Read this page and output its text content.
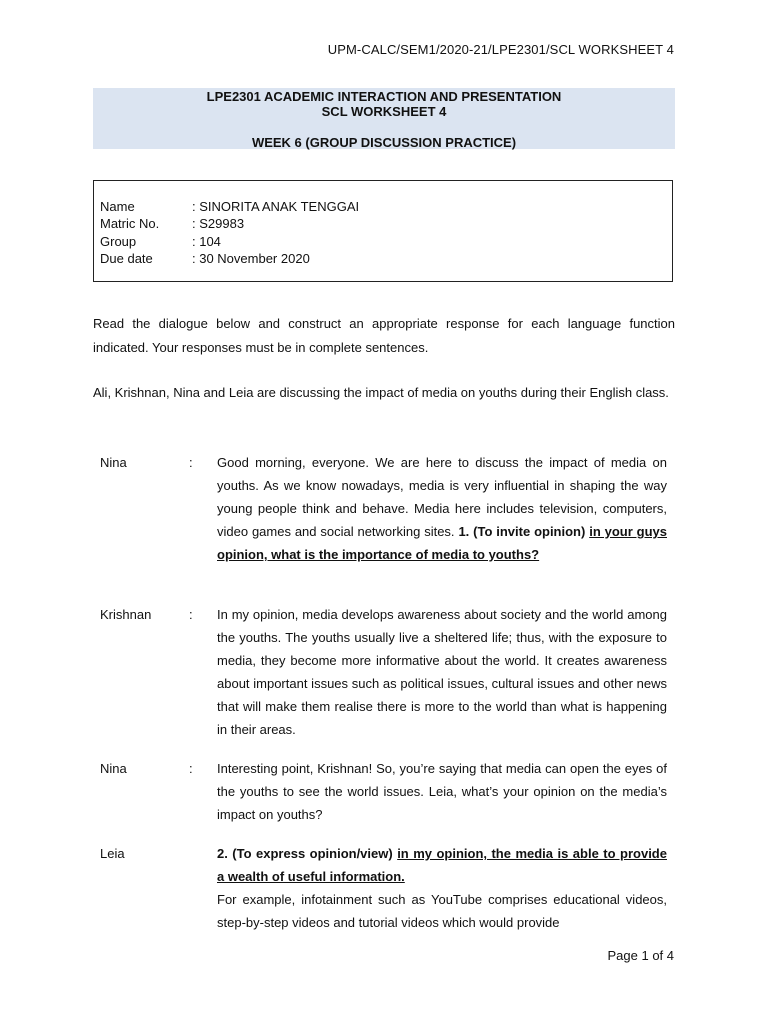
UPM-CALC/SEM1/2020-21/LPE2301/SCL WORKSHEET 4
LPE2301 ACADEMIC INTERACTION AND PRESENTATION
SCL WORKSHEET 4
WEEK 6 (GROUP DISCUSSION PRACTICE)
Name	: SINORITA ANAK TENGGAI
Matric No.	: S29983
Group	: 104
Due date	: 30 November 2020
Read the dialogue below and construct an appropriate response for each language function indicated. Your responses must be in complete sentences.
Ali, Krishnan, Nina and Leia are discussing the impact of media on youths during their English class.
Nina	: Good morning, everyone. We are here to discuss the impact of media on youths. As we know nowadays, media is very influential in shaping the way young people think and behave. Media here includes television, computers, video games and social networking sites. 1. (To invite opinion) in your guys opinion, what is the importance of media to youths?
Krishnan	: In my opinion, media develops awareness about society and the world among the youths. The youths usually live a sheltered life; thus, with the exposure to media, they become more informative about the world. It creates awareness about important issues such as political issues, cultural issues and other news that will make them realise there is more to the world than what is happening in their areas.
Nina	: Interesting point, Krishnan! So, you’re saying that media can open the eyes of the youths to see the world issues. Leia, what’s your opinion on the media’s impact on youths?
Leia	2. (To express opinion/view) in my opinion, the media is able to provide a wealth of useful information.
For example, infotainment such as YouTube comprises educational videos, step-by-step videos and tutorial videos which would provide
Page 1 of 4
